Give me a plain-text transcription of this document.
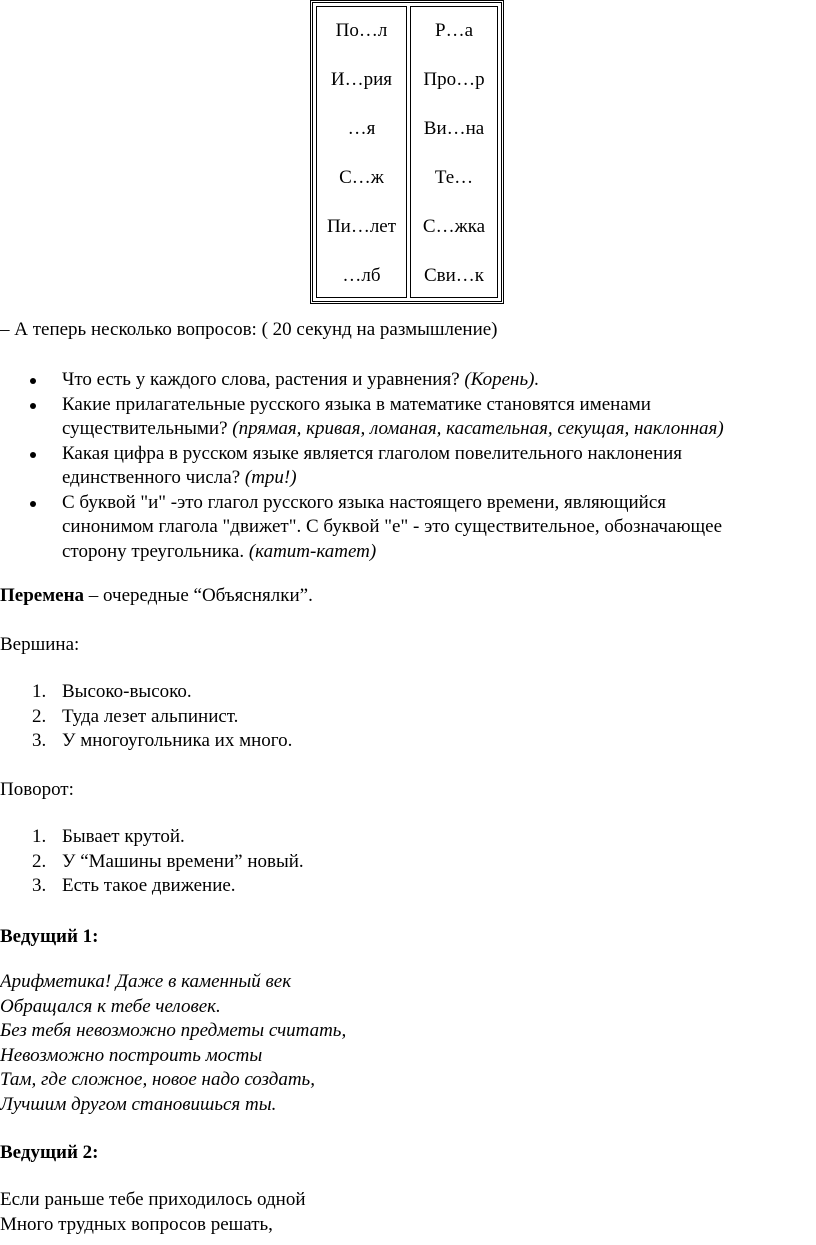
По…л
И…рия
…я
С…ж
Пи…лет
…лб

Р…а
Про…р
Ви…на
Те…
С…жка
Сви…к
– А теперь несколько вопросов: ( 20 секунд на размышление)
Что есть у каждого слова, растения и уравнения? (Корень).
Какие прилагательные русского языка в математике становятся именами
существительными? (прямая, кривая, ломаная, касательная, секущая, наклонная)
Какая цифра в русском языке является глаголом повелительного наклонения
единственного числа? (три!)
С буквой "и" -это глагол русского языка настоящего времени, являющийся
синонимом глагола "движет". С буквой "е" - это существительное, обозначающее
сторону треугольника. (катит-катет)
Перемена – очередные “Объяснялки”.
Вершина:
1. Высоко-высоко.
2. Туда лезет альпинист.
3. У многоугольника их много.
Поворот:
1. Бывает крутой.
2. У “Машины времени” новый.
3. Есть такое движение.
Ведущий 1:
Арифметика! Даже в каменный век
Обращался к тебе человек.
Без тебя невозможно предметы считать,
Невозможно построить мосты
Там, где сложное, новое надо создать,
Лучшим другом становишься ты.
Ведущий 2:
Если раньше тебе приходилось одной
Много трудных вопросов решать,
